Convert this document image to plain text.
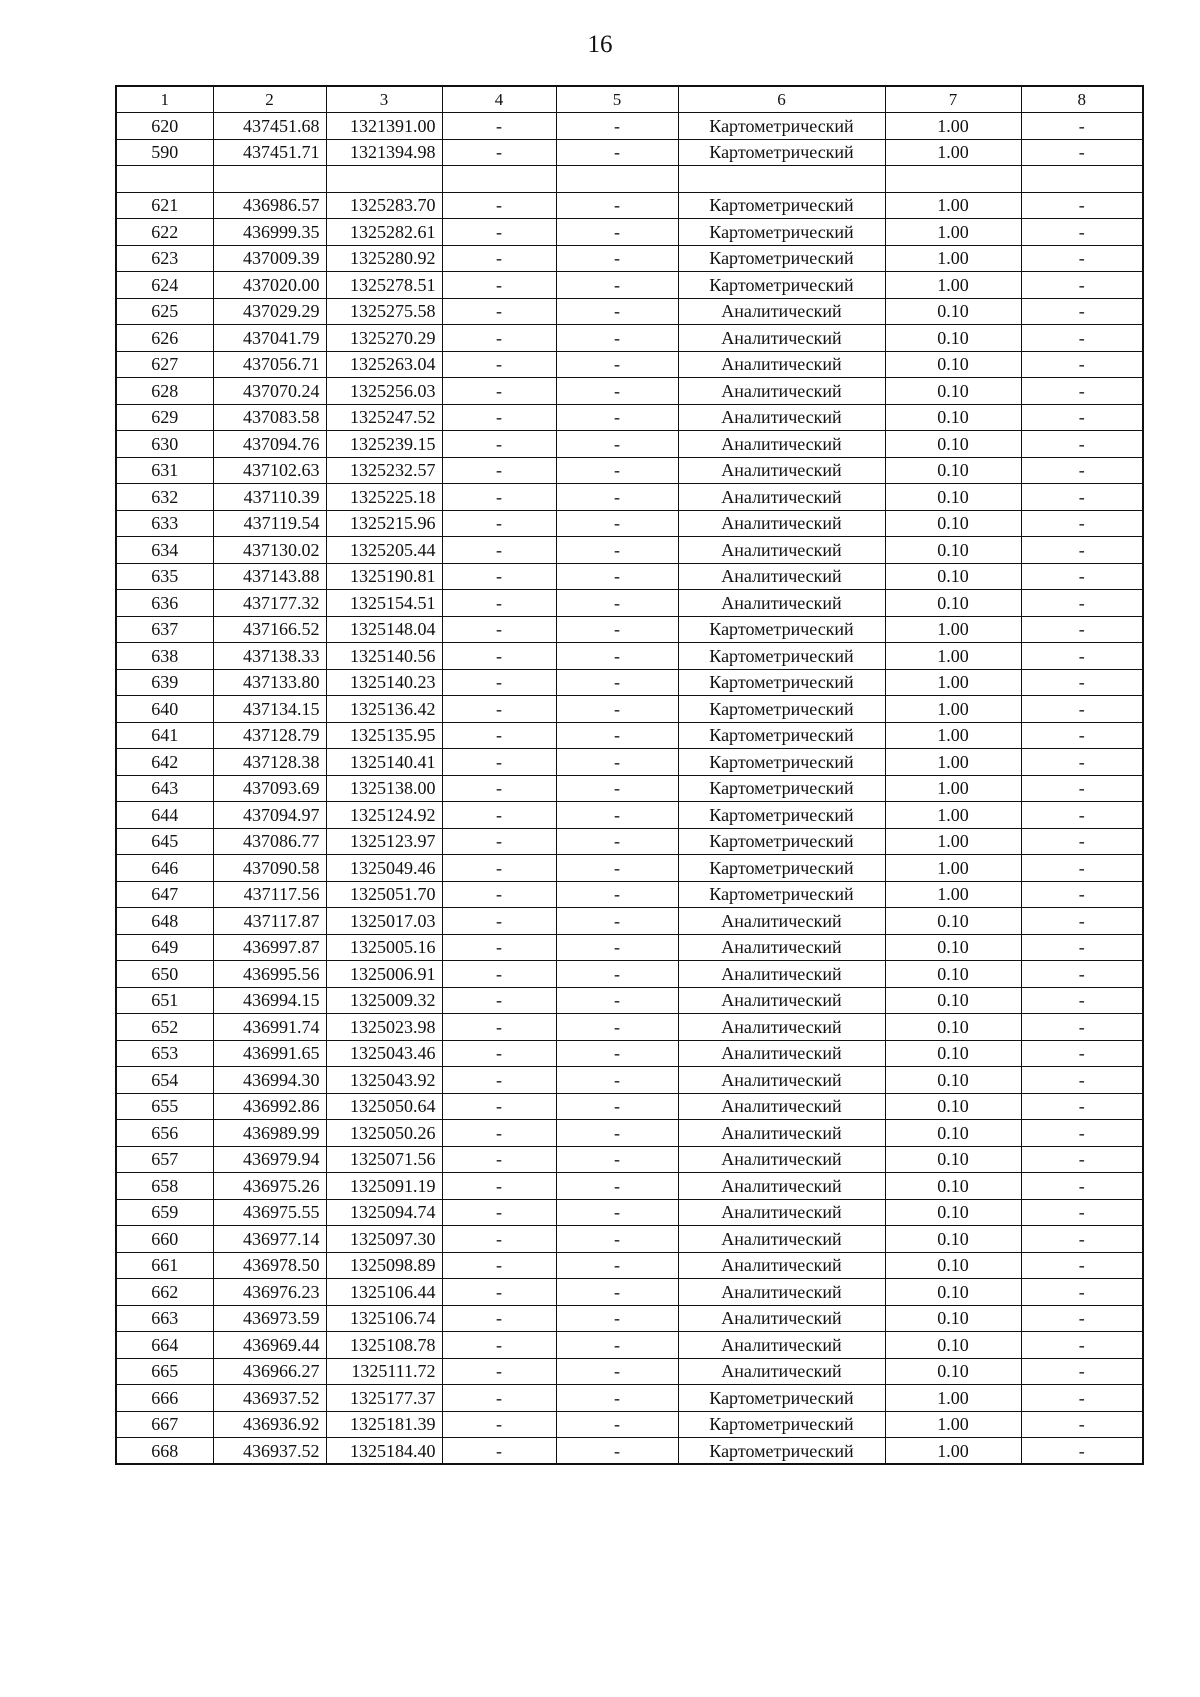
16
1	2	3	4	5	6	7	8
620	437451.68	1321391.00	-	-	Картометрический	1.00	-
590	437451.71	1321394.98	-	-	Картометрический	1.00	-

621	436986.57	1325283.70	-	-	Картометрический	1.00	-
622	436999.35	1325282.61	-	-	Картометрический	1.00	-
623	437009.39	1325280.92	-	-	Картометрический	1.00	-
624	437020.00	1325278.51	-	-	Картометрический	1.00	-
625	437029.29	1325275.58	-	-	Аналитический	0.10	-
626	437041.79	1325270.29	-	-	Аналитический	0.10	-
627	437056.71	1325263.04	-	-	Аналитический	0.10	-
628	437070.24	1325256.03	-	-	Аналитический	0.10	-
629	437083.58	1325247.52	-	-	Аналитический	0.10	-
630	437094.76	1325239.15	-	-	Аналитический	0.10	-
631	437102.63	1325232.57	-	-	Аналитический	0.10	-
632	437110.39	1325225.18	-	-	Аналитический	0.10	-
633	437119.54	1325215.96	-	-	Аналитический	0.10	-
634	437130.02	1325205.44	-	-	Аналитический	0.10	-
635	437143.88	1325190.81	-	-	Аналитический	0.10	-
636	437177.32	1325154.51	-	-	Аналитический	0.10	-
637	437166.52	1325148.04	-	-	Картометрический	1.00	-
638	437138.33	1325140.56	-	-	Картометрический	1.00	-
639	437133.80	1325140.23	-	-	Картометрический	1.00	-
640	437134.15	1325136.42	-	-	Картометрический	1.00	-
641	437128.79	1325135.95	-	-	Картометрический	1.00	-
642	437128.38	1325140.41	-	-	Картометрический	1.00	-
643	437093.69	1325138.00	-	-	Картометрический	1.00	-
644	437094.97	1325124.92	-	-	Картометрический	1.00	-
645	437086.77	1325123.97	-	-	Картометрический	1.00	-
646	437090.58	1325049.46	-	-	Картометрический	1.00	-
647	437117.56	1325051.70	-	-	Картометрический	1.00	-
648	437117.87	1325017.03	-	-	Аналитический	0.10	-
649	436997.87	1325005.16	-	-	Аналитический	0.10	-
650	436995.56	1325006.91	-	-	Аналитический	0.10	-
651	436994.15	1325009.32	-	-	Аналитический	0.10	-
652	436991.74	1325023.98	-	-	Аналитический	0.10	-
653	436991.65	1325043.46	-	-	Аналитический	0.10	-
654	436994.30	1325043.92	-	-	Аналитический	0.10	-
655	436992.86	1325050.64	-	-	Аналитический	0.10	-
656	436989.99	1325050.26	-	-	Аналитический	0.10	-
657	436979.94	1325071.56	-	-	Аналитический	0.10	-
658	436975.26	1325091.19	-	-	Аналитический	0.10	-
659	436975.55	1325094.74	-	-	Аналитический	0.10	-
660	436977.14	1325097.30	-	-	Аналитический	0.10	-
661	436978.50	1325098.89	-	-	Аналитический	0.10	-
662	436976.23	1325106.44	-	-	Аналитический	0.10	-
663	436973.59	1325106.74	-	-	Аналитический	0.10	-
664	436969.44	1325108.78	-	-	Аналитический	0.10	-
665	436966.27	1325111.72	-	-	Аналитический	0.10	-
666	436937.52	1325177.37	-	-	Картометрический	1.00	-
667	436936.92	1325181.39	-	-	Картометрический	1.00	-
668	436937.52	1325184.40	-	-	Картометрический	1.00	-
